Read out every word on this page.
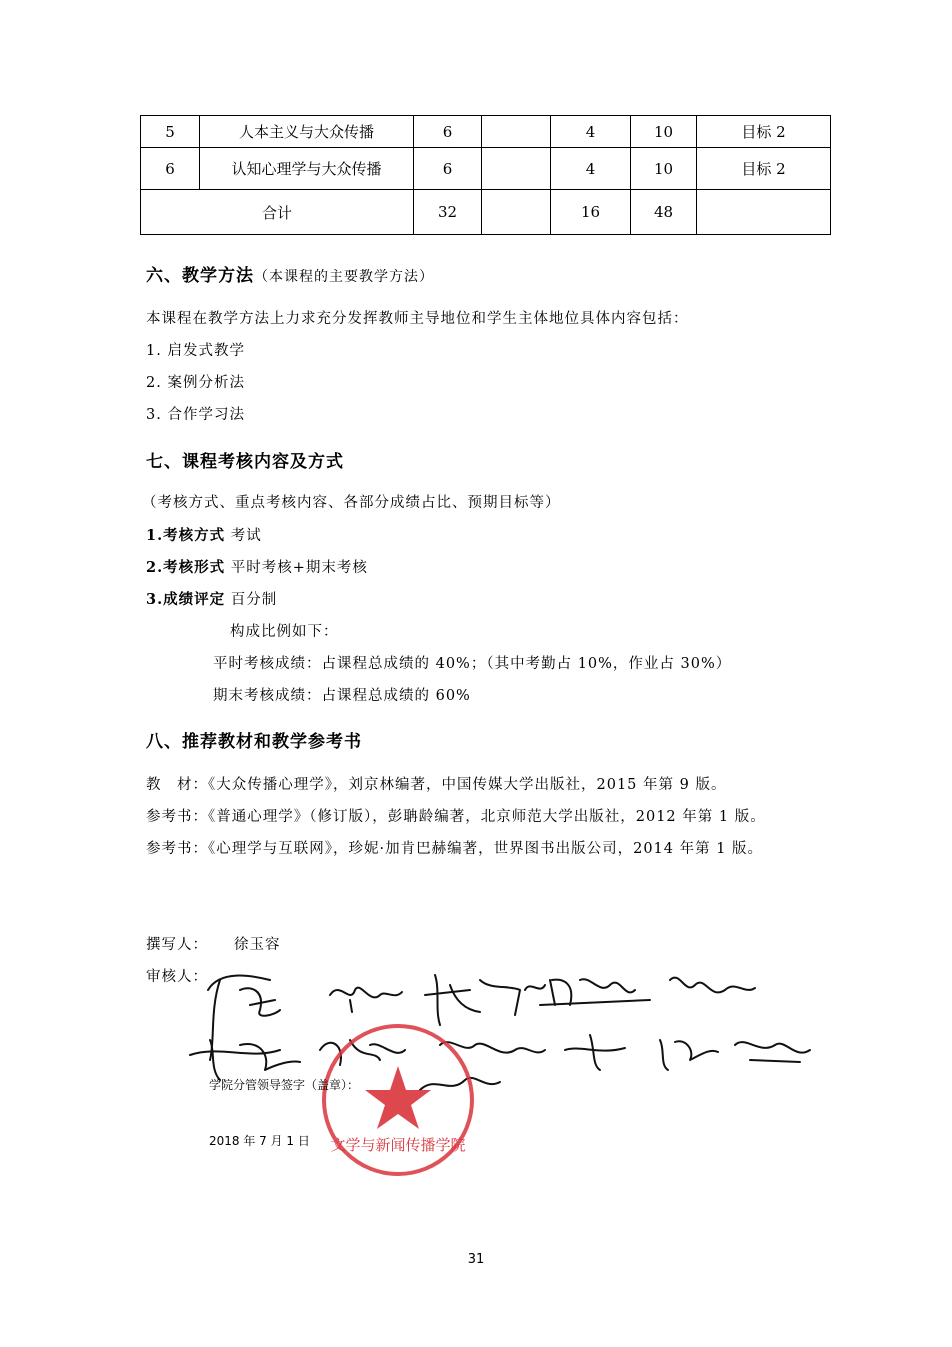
5	人本主义与大众传播	6		4	10	目标 2
6	认知心理学与大众传播	6		4	10	目标 2
合计		32		16	48	
六、教学方法（本课程的主要教学方法）
本课程在教学方法上力求充分发挥教师主导地位和学生主体地位具体内容包括：
1. 启发式教学
2. 案例分析法
3. 合作学习法
七、课程考核内容及方式
（考核方式、重点考核内容、各部分成绩占比、预期目标等）
1.考核方式 考试
2.考核形式 平时考核+期末考核
3.成绩评定 百分制
构成比例如下：
平时考核成绩：占课程总成绩的 40%；（其中考勤占 10%，作业占 30%）
期末考核成绩：占课程总成绩的 60%
八、推荐教材和教学参考书
教　材：《大众传播心理学》，刘京林编著，中国传媒大学出版社，2015 年第 9 版。
参考书：《普通心理学》（修订版），彭聃龄编著，北京师范大学出版社，2012 年第 1 版。
参考书：《心理学与互联网》，珍妮·加肯巴赫编著，世界图书出版公司，2014 年第 1 版。
撰写人： 徐玉容
审核人：
文学与新闻传播学院
学院分管领导签字（盖章）：
2018 年 7 月 1 日
31
